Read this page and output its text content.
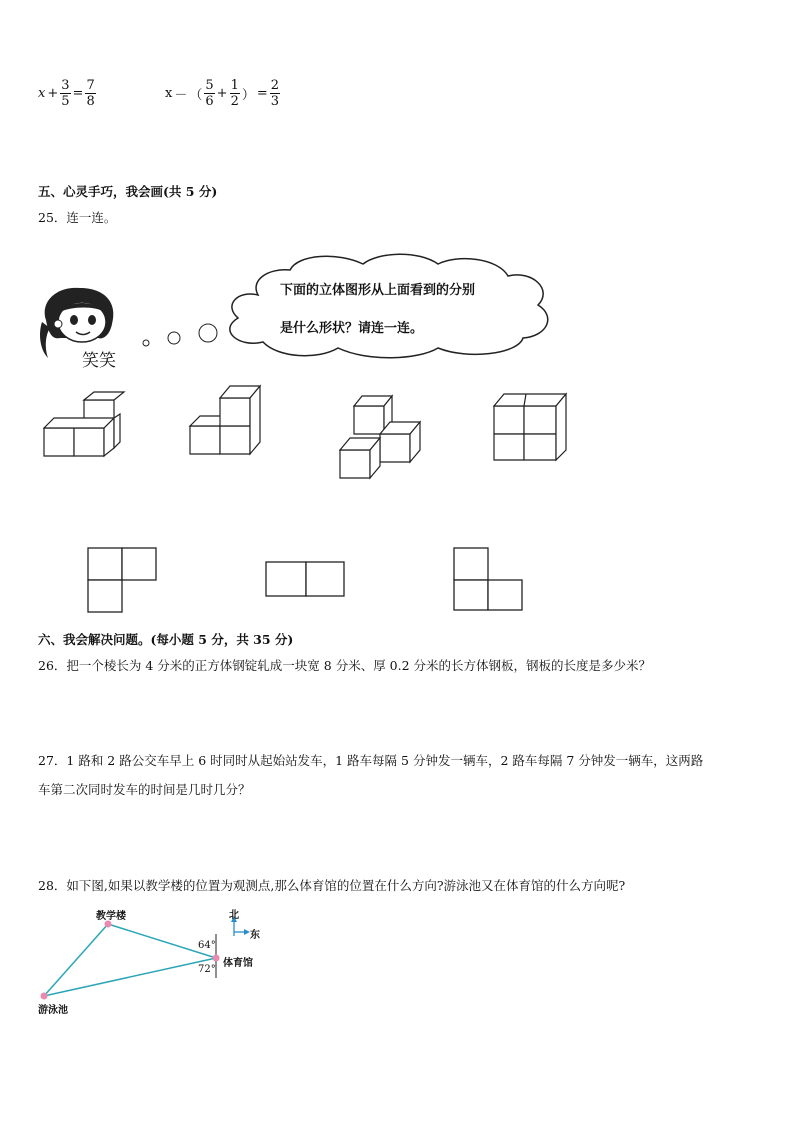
$x + \frac{3}{5} = \frac{7}{8}$	x － （ $\frac{5}{6} + \frac{1}{2}$ ） = $\frac{2}{3}$
五、心灵手巧，我会画(共 5 分)
25．连一连。
笑笑
下面的立体图形从上面看到的分别
是什么形状？请连一连。
六、我会解决问题。(每小题 5 分，共 35 分)
26．把一个棱长为 4 分米的正方体钢锭轧成一块宽 8 分米、厚 0.2 分米的长方体钢板，钢板的长度是多少米？
27．1 路和 2 路公交车早上 6 时同时从起始站发车，1 路车每隔 5 分钟发一辆车，2 路车每隔 7 分钟发一辆车，这两路
车第二次同时发车的时间是几时几分？
28．如下图,如果以教学楼的位置为观测点,那么体育馆的位置在什么方向?游泳池又在体育馆的什么方向呢?
教学楼
体育馆
游泳池
北
东
64°
72°
